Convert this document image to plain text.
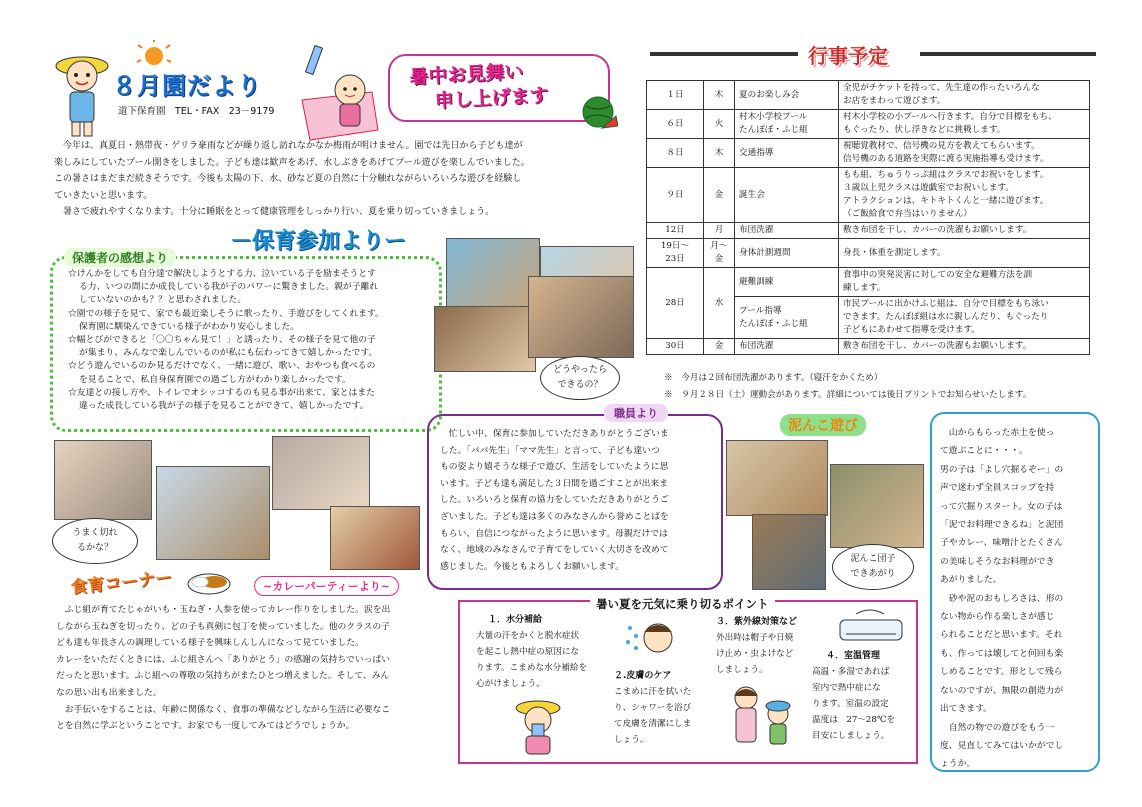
８月園だより
道下保育園　TEL・FAX　23－9179
暑中お見舞い
申し上げます
行事予定

今年は、真夏日・熱帯夜・ゲリラ豪雨などが繰り返し訪れなかなか梅雨が明けません。園では先日から子ども達が

楽しみにしていたプール開きをしました。子ども達は歓声をあげ、水しぶきをあげてプール遊びを楽しんでいました。

この暑さはまだまだ続きそうです。今後も太陽の下、水、砂など夏の自然に十分触れながらいろいろな遊びを経験し

ていきたいと思います。

暑さで疲れやすくなります。十分に睡眠をとって健康管理をしっかり行い、夏を乗り切っていきましょう。

－保育参加よりー
保護者の感想より
☆けんかをしても自分達で解決しようとする力、泣いている子を励まそうとす
る力、いつの間にか成長している我が子のパワーに驚きました。親が子離れ
していないのかも？？と思わされました。
☆園での様子を見て、家でも最近楽しそうに歌ったり、手遊びをしてくれます。
保育園に馴染んできている様子がわかり安心しました。
☆幅とびができると「〇〇ちゃん見て！」と誘ったり、その様子を見て他の子
が集まり、みんなで楽しんでいるのが私にも伝わってきて嬉しかったです。
☆どう遊んでいるのか見るだけでなく、一緒に遊び、歌い、おやつも食べるの
を見ることで、私自身保育園での過ごし方がわかり楽しかったです。
☆友達との接し方や、トイレでオシッコするのも見る事が出来て、家とはまた
違った成長している我が子の様子を見ることができて、嬉しかったです。
どうやったら
できるの？
職員より
忙しい中、保育に参加していただきありがとうございま
した。「パパ先生」「ママ先生」と言って、子ども達いつ
もの姿より嬉そうな様子で遊び、生活をしていたように思
います。子ども達も満足した３日間を過ごすことが出来ま
した。いろいろと保育の協力をしていただきありがとうご
ざいました。子ども達は多くのみなさんから誉めことばを
もらい、自信につながったように思います。母親だけでは
なく、地域のみなさんで子育てをしていく大切さを改めて
感じました。今後ともよろしくお願いします。
うまく切れ
るかな？
食育コーナー	~カレーパーティーより~
ふじ組が育てたじゃがいも・玉ねぎ・人参を使ってカレー作りをしました。涙を出
しながら玉ねぎを切ったり、どの子も真剣に包丁を使っていました。他のクラスの子
ども達も年長さんの調理している様子を興味しんしんになって見ていました。
カレーをいただくときには、ふじ組さんへ「ありがとう」の感謝の気持ちでいっぱい
だったと思います。ふじ組への尊敬の気持ちがまたひとつ増えました。そして、みん
なの思い出も出来ました。
お手伝いをすることは、年齢に関係なく、食事の準備などしながら生活に必要なこ
とを自然に学ぶということです。お家でも一度してみてはどうでしょうか。
暑い夏を元気に乗り切るポイント
１．水分補給
大量の汗をかくと脱水症状
を起こし熱中症の原因にな
ります。こまめな水分補給を
心がけましょう。
２.皮膚のケア
こまめに汗を拭いた
り、シャワーを浴び
て皮膚を清潔にしま
しょう。
３．紫外線対策など
外出時は帽子や日焼
け止め・虫よけなど
しましょう。
４．室温管理
高温・多湿であれば
室内で熱中症にな
ります。室温の設定
温度は　27～28℃を
目安にしましょう。
１日	木	夏のお楽しみ会	全児がチケットを持って、先生達の作ったいろんな
お店をまわって遊びます。
６日	火	村木小学校プール
たんぽぽ・ふじ組	村木小学校の小プールへ行きます。自分で目標をもち、
もぐったり、伏し浮きなどに挑戦します。
８日	木	交通指導	視聴覚教材で、信号機の見方を教えてもらいます。
信号機のある道路を実際に渡る実施指導も受けます。
９日	金	誕生会	もも組、ちゅうりっぷ組はクラスでお祝いをします。
３歳以上児クラスは遊戯室でお祝いします。
アトラクションは、キトキトくんと一緒に遊びます。
（ご飯給食で弁当はいりません）
12日	月	布団洗濯	敷き布団を干し、カバーの洗濯もお願いします。
19日～
23日	月～
金	身体計測週間	身長・体重を測定します。
28日	水	避難訓練	食事中の突発災害に対しての安全な避難方法を訓
練します。
		プール指導
たんぽぽ・ふじ組	市民プールに出かけふじ組は、自分で目標をもち泳い
できます。たんぽぽ組は水に親しんだり、もぐったり
子どもにあわせて指導を受けます。
30日	金	布団洗濯	敷き布団を干し、カバーの洗濯もお願いします。
※　今月は２回布団洗濯があります。（寝汗をかくため）
※　９月２８日（土）運動会があります。詳細については後日プリントでお知らせいたします。
泥んこ遊び
泥んこ団子
できあがり
山からもらった赤土を使っ
て遊ぶことに・・・。
男の子は「よし穴掘るぞー」の
声で迷わず全員スコップを持
って穴掘りスタート。女の子は
「泥でお料理できるね」と泥団
子やカレー、味噌汁とたくさん
の美味しそうなお料理ができ
あがりました。
砂や泥のおもしろさは、形の
ない物から作る楽しさが感じ
られることだと思います。それ
も、作っては壊してと何回も楽
しめることです。形として残ら
ないのですが、無限の創造力が
出てきます。
自然の物での遊びをもう一
度、見直してみてはいかがでし
ょうか。
